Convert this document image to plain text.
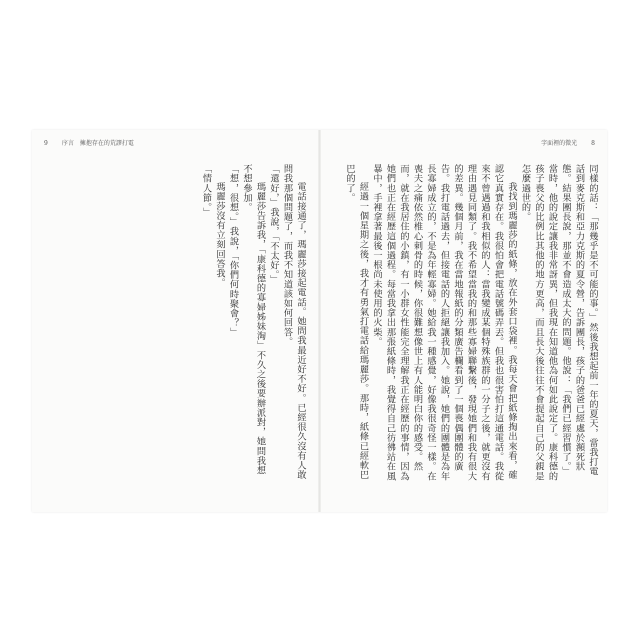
9 序言　擁抱存在的荒謬打電

電話接通了，瑪麗莎接起電話。她問我最近好不好。已經很久沒有人敢問我那個問題了，而我不知道該如何回答。

「還好，」我說，「不太好。」

瑪麗莎告訴我，「康科德的寡婦姊妹淘」不久之後要辦派對，她問我想不想參加。

「想，很想。」我說，「你們何時聚會？」

瑪麗莎沒有立刻回答我。

「情人節。」

字面裡的微光 8

同樣的話：「那幾乎是不可能的事。」然後我想起前一年的夏天，當我打電話到麥克斯和亞力克斯的夏令營，告訴團長，孩子的爸爸已經處於瀕死狀態。結果團長說，那並不會造成太大的問題。他說：「我們已經習慣了。」當時，他的說定讓我非常訝異，但我現在知道他為何如此說定了。康科德的孩子喪父的比例比其他的地方更高，而且長大後往往不會提起自己的父親是怎麼過世的。

我找到瑪麗莎的紙條，放在外套口袋裡。我每天會把紙條掏出來看，確認它真實存在。我很怕會把電話號碼弄丟。但我也很害怕打這通電話。我從來不曾遇過和我相似的人：當我變成某個特殊族群的一分子之後，就更沒有理由遇見同類了。我不希望當我的和那些寡婦聯繫後，發現她們和我有很大的差異。幾個月前，我在當地報紙的分類廣告欄看到了一個喪偶團體的廣告。我打電話過去，但接電話的人拒絕讓我加入。她說，她們的團體是為年長寡婦成立的，不是為年輕寡婦。她給我一種感覺，好像我很奇怪一樣。在喪夫之痛依然椎心刺骨的時候，你很難想像世上有人能明白你的感受。然而，就在我居住的小鎮，有一小群女性能完全理解我正在經歷的事情，因為她們也正在經歷這個過程。每當我拿出那張紙條時，我覺得自己彷彿站在風暴中，手裡拿著最後一根尚未使用的火柴。

經過一個星期之後，我才有勇氣打電話給瑪麗莎。那時，紙條已經軟巴巴的了。
